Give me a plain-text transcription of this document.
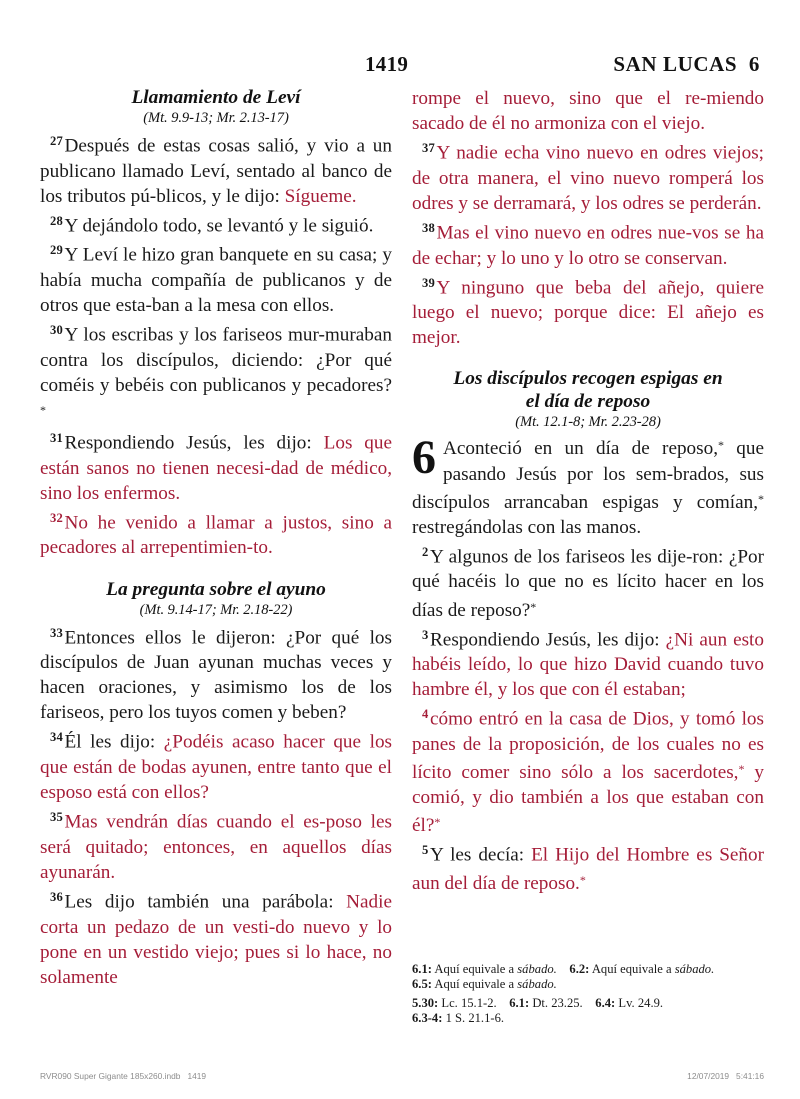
1419	SAN LUCAS  6
Llamamiento de Leví
(Mt. 9.9-13; Mr. 2.13-17)

$^{27}$Después de estas cosas salió, y vio a un publicano llamado Leví, sentado al banco de los tributos pú-blicos, y le dijo: Sígueme.

$^{28}$Y dejándolo todo, se levantó y le siguió.

$^{29}$Y Leví le hizo gran banquete en su casa; y había mucha compañía de publicanos y de otros que esta-ban a la mesa con ellos.

$^{30}$Y los escribas y los fariseos mur-muraban contra los discípulos, diciendo: ¿Por qué coméis y bebéis con publicanos y pecadores?*

$^{31}$Respondiendo Jesús, les dijo: Los que están sanos no tienen necesi-dad de médico, sino los enfermos.

$^{32}$No he venido a llamar a justos, sino a pecadores al arrepentimien-to.

La pregunta sobre el ayuno
(Mt. 9.14-17; Mr. 2.18-22)

$^{33}$Entonces ellos le dijeron: ¿Por qué los discípulos de Juan ayunan muchas veces y hacen oraciones, y asimismo los de los fariseos, pero los tuyos comen y beben?

$^{34}$Él les dijo: ¿Podéis acaso hacer que los que están de bodas ayunen, entre tanto que el esposo está con ellos?

$^{35}$Mas vendrán días cuando el es-poso les será quitado; entonces, en aquellos días ayunarán.

$^{36}$Les dijo también una parábola: Nadie corta un pedazo de un vesti-do nuevo y lo pone en un vestido viejo; pues si lo hace, no solamente

rompe el nuevo, sino que el re-miendo sacado de él no armoniza con el viejo.

$^{37}$Y nadie echa vino nuevo en odres viejos; de otra manera, el vino nuevo romperá los odres y se derramará, y los odres se perderán.

$^{38}$Mas el vino nuevo en odres nue-vos se ha de echar; y lo uno y lo otro se conservan.

$^{39}$Y ninguno que beba del añejo, quiere luego el nuevo; porque dice: El añejo es mejor.

Los discípulos recogen espigas en
el día de reposo
(Mt. 12.1-8; Mr. 2.23-28)

6 Aconteció en un día de reposo,* que pasando Jesús por los sem-brados, sus discípulos arrancaban espigas y comían,* restregándolas con las manos.

$^2$Y algunos de los fariseos les dije-ron: ¿Por qué hacéis lo que no es lícito hacer en los días de reposo?*

$^3$Respondiendo Jesús, les dijo: ¿Ni aun esto habéis leído, lo que hizo David cuando tuvo hambre él, y los que con él estaban;

$^4$cómo entró en la casa de Dios, y tomó los panes de la proposición, de los cuales no es lícito comer sino sólo a los sacerdotes,* y comió, y dio también a los que estaban con él?*

$^5$Y les decía: El Hijo del Hombre es Señor aun del día de reposo.*

6.1: Aquí equivale a sábado.  6.2: Aquí equivale a sábado.
6.5: Aquí equivale a sábado.
5.30: Lc. 15.1-2.  6.1: Dt. 23.25.  6.4: Lv. 24.9.
6.3-4: 1 S. 21.1-6.
RVR090 Super Gigante 185x260.indb   1419	12/07/2019   5:41:16
